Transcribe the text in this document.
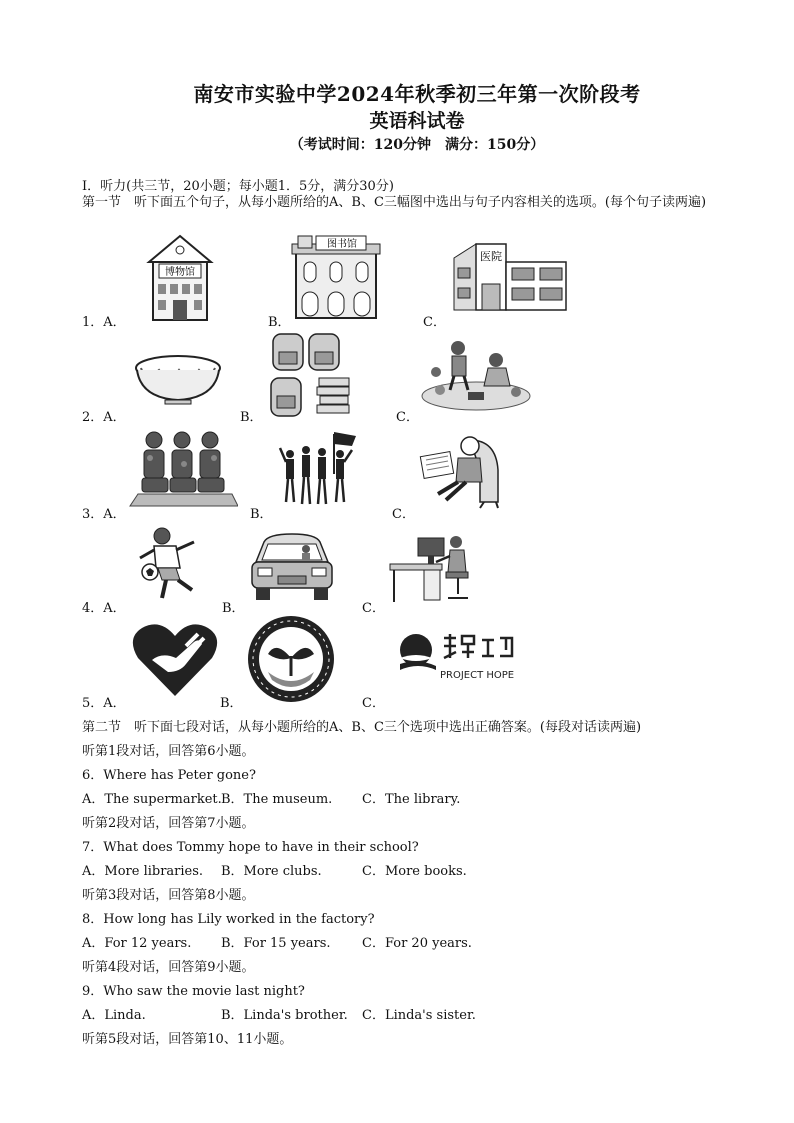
南安市实验中学2024年秋季初三年第一次阶段考
英语科试卷
（考试时间：120分钟　满分：150分）
Ⅰ．听力(共三节，20小题；每小题1．5分，满分30分)
第一节　听下面五个句子，从每小题所给的A、B、C三幅图中选出与句子内容相关的选项。(每个句子读两遍)
1．A．	B．	C．
博物馆
图书馆
医院
2．A．	B．	C．
3．A．	B．	C．
4．A．	B．	C．
5．A．	B．	C．
PROJECT HOPE
第二节　听下面七段对话，从每小题所给的A、B、C三个选项中选出正确答案。(每段对话读两遍)
听第1段对话，回答第6小题。
6．Where has Peter gone?
A．The supermarket. B．The museum. C．The library.
听第2段对话，回答第7小题。
7．What does Tommy hope to have in their school?
A．More libraries. B．More clubs.	C．More books.
听第3段对话，回答第8小题。
8．How long has Lily worked in the factory?
A．For 12 years. B．For 15 years. C．For 20 years.
听第4段对话，回答第9小题。
9．Who saw the movie last night?
A．Linda.	B．Linda's brother. C．Linda's sister.
听第5段对话，回答第10、11小题。
